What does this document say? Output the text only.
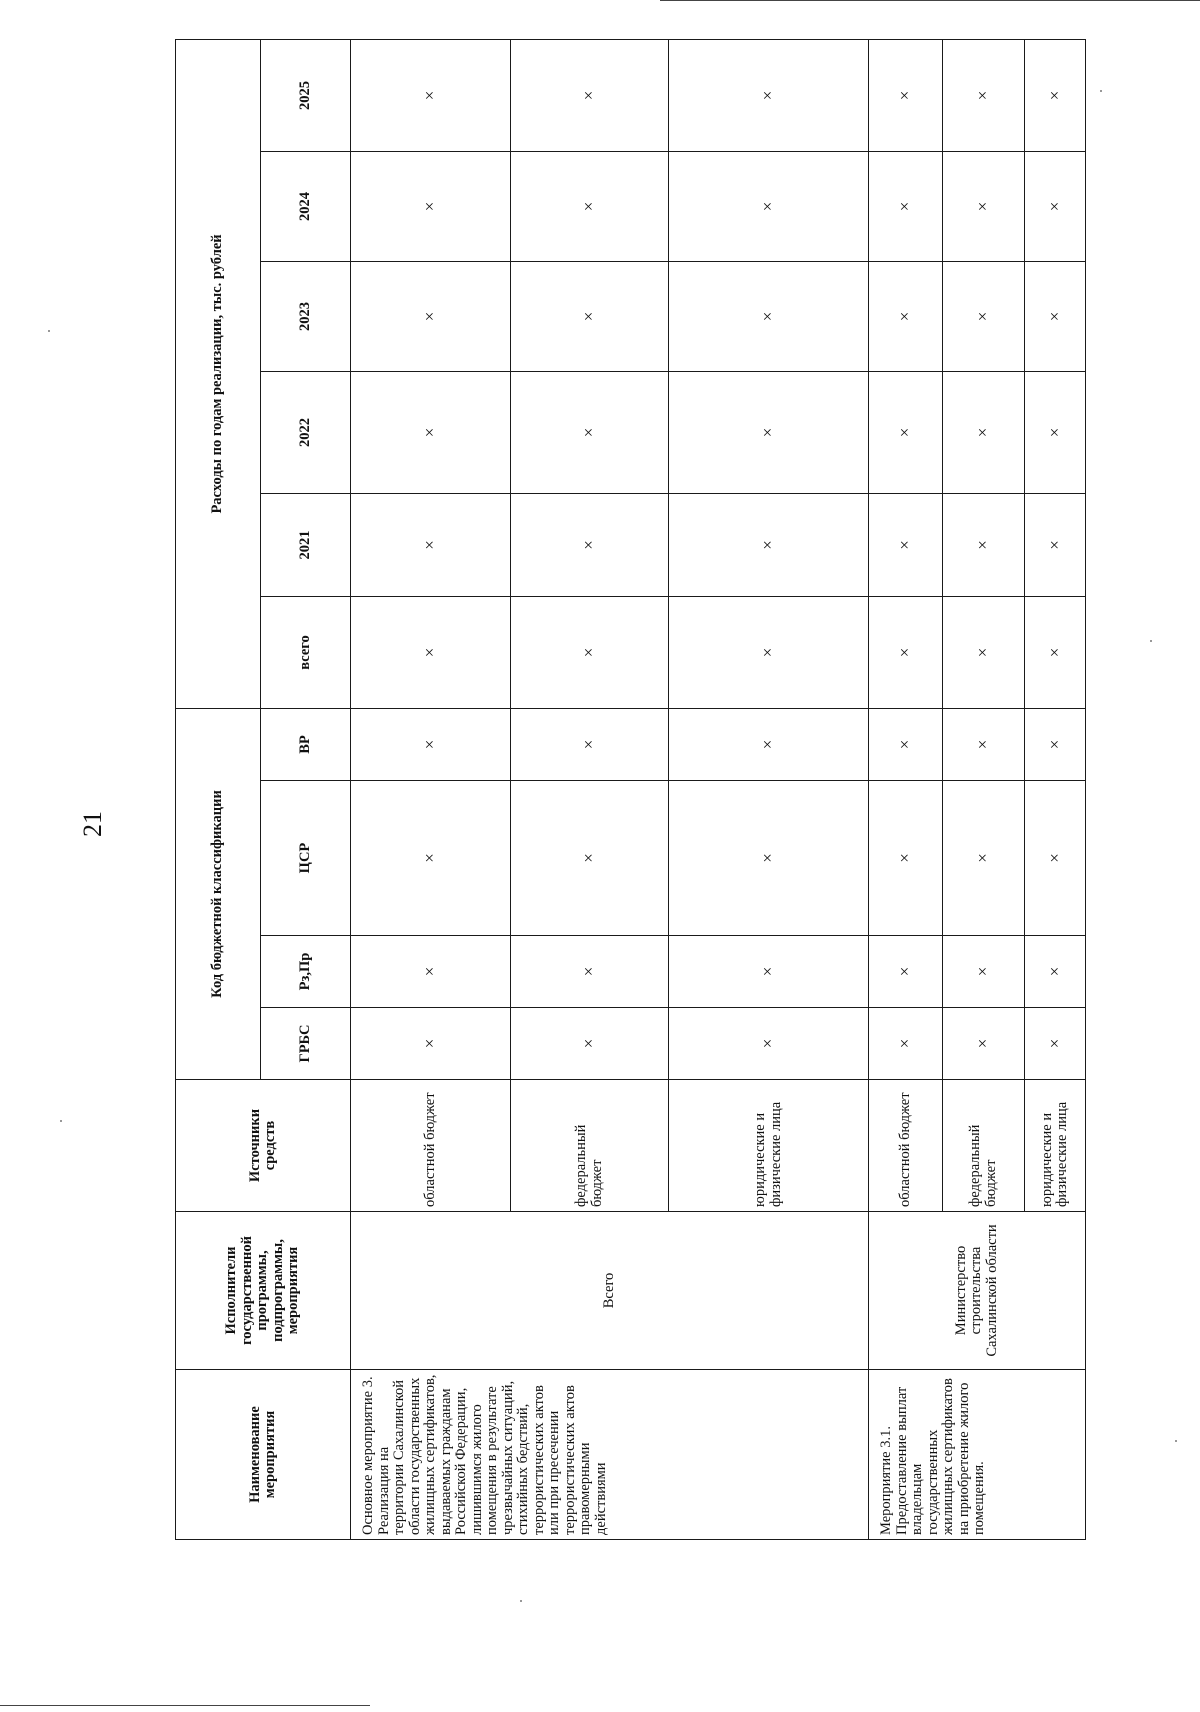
21
Наименование мероприятия	Исполнители государственной программы, подпрограммы, мероприятия	Источники средств	Код бюджетной классификации				Расходы по годам реализации, тыс. рублей					
			ГРБС	Рз,Пр	ЦСР	ВР	всего	2021	2022	2023	2024	2025
Основное мероприятие 3. Реализация на территории Сахалинской области государственных жилищных сертификатов, выдаваемых гражданам Российской Федерации, лишившимся жилого помещения в результате чрезвычайных ситуаций, стихийных бедствий, террористических актов или при пресечении террористических актов правомерными действиями	Всего	областной бюджет	×	×	×	×	×	×	×	×	×	×
		федеральный бюджет	×	×	×	×	×	×	×	×	×	×
		юридические и физические лица	×	×	×	×	×	×	×	×	×	×
Мероприятие 3.1. Предоставление выплат владельцам государственных жилищных сертификатов на приобретение жилого помещения.	Министерство строительства Сахалинской области	областной бюджет	×	×	×	×	×	×	×	×	×	×
		федеральный бюджет	×	×	×	×	×	×	×	×	×	×
		юридические и физические лица	×	×	×	×	×	×	×	×	×	×
